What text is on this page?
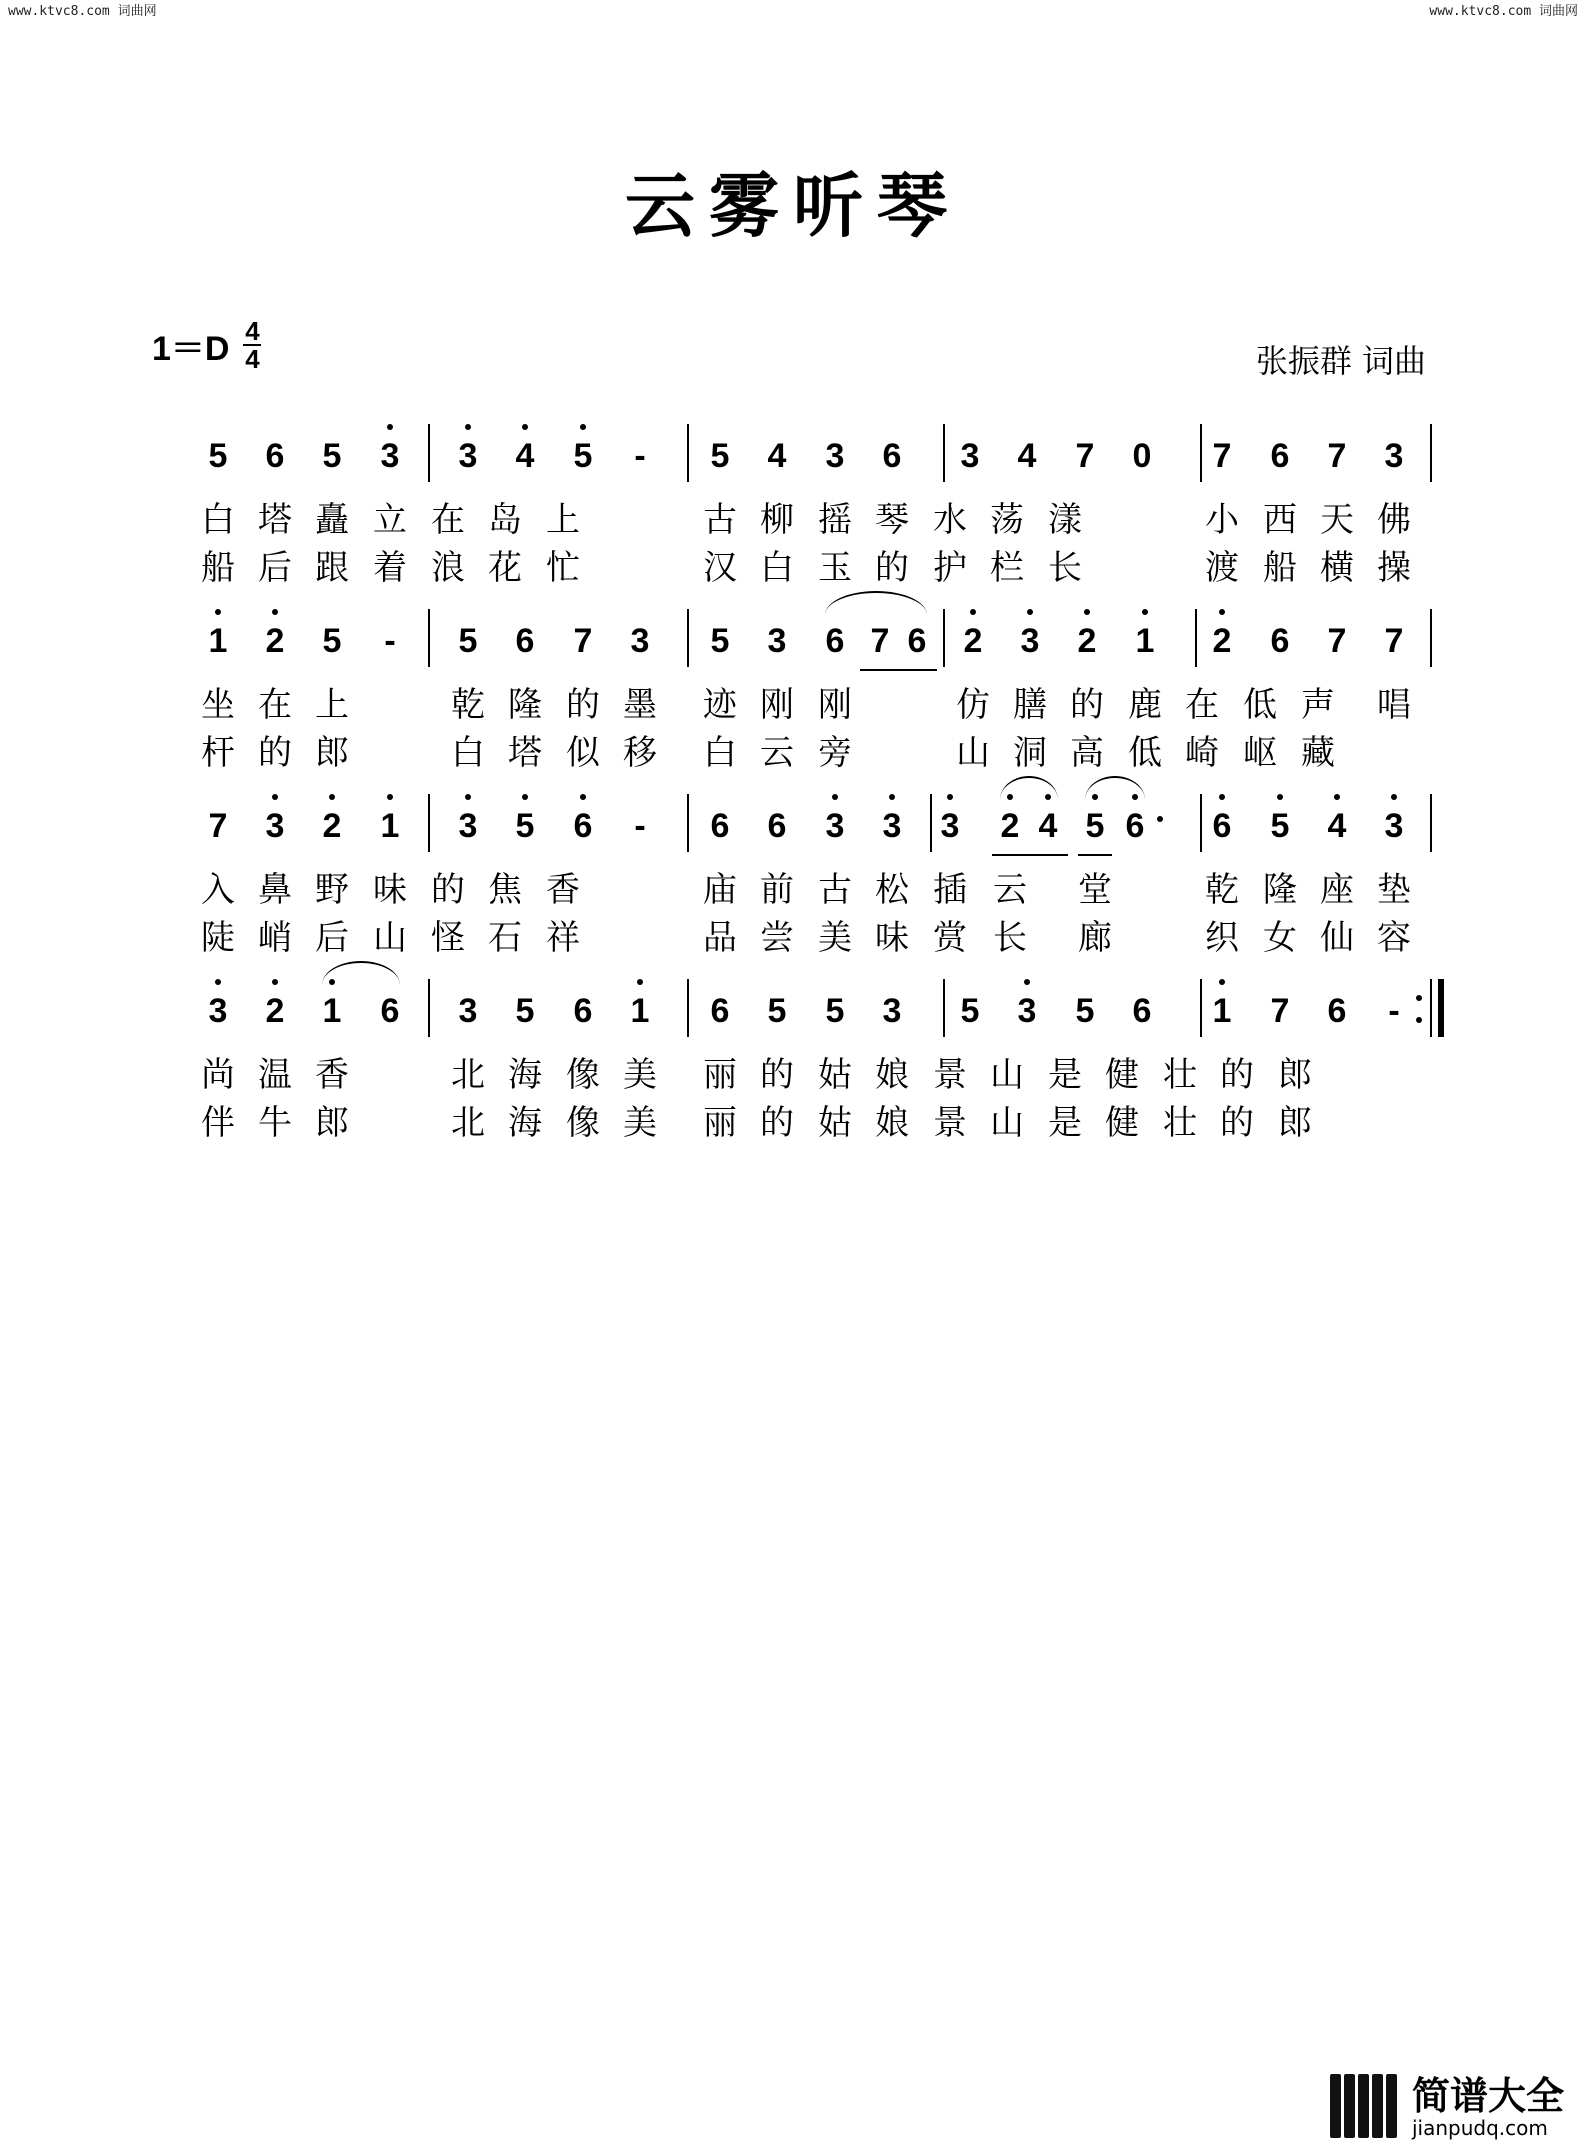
www.ktvc8.com 词曲网	www.ktvc8.com 词曲网
云雾听琴
$1=D \frac{4}{4}$	张振群 词曲
5	6	5	3	3	4	5	-	5	4	3	6	3	4	7	0	7	6	7	3
白 塔 矗 立 在 岛 上	古 柳 摇 琴 水 荡 漾	小 西 天 佛
船 后 跟 着 浪 花 忙	汉 白 玉 的 护 栏 长	渡 船 横 操
1	2	5	-	5	6	7	3	5	3	6 7 6	2	3	2	1	2	6	7	7
坐 在 上	乾 隆 的 墨 迹 刚 刚	仿 膳 的 鹿 在 低 声 唱
杆 的 郎	白 塔 似 移 白 云 旁	山 洞 高 低 崎 岖 藏
7	3	2	1	3	5	6	-	6	6	3	3	3	2 4 5 6	6	5	4	3
入 鼻 野 味 的 焦 香	庙 前 古 松 插 云 堂	乾 隆 座 垫
陡 峭 后 山 怪 石 祥	品 尝 美 味 赏 长 廊	织 女 仙 容
3	2	1	6	3	5	6	1	6	5	5	3	5	3	5	6	1	7	6	-
尚 温 香	北 海 像 美 丽 的 姑 娘 景 山 是 健 壮 的 郎
伴 牛 郎	北 海 像 美 丽 的 姑 娘 景 山 是 健 壮 的 郎
简谱大全
jianpudq.com
